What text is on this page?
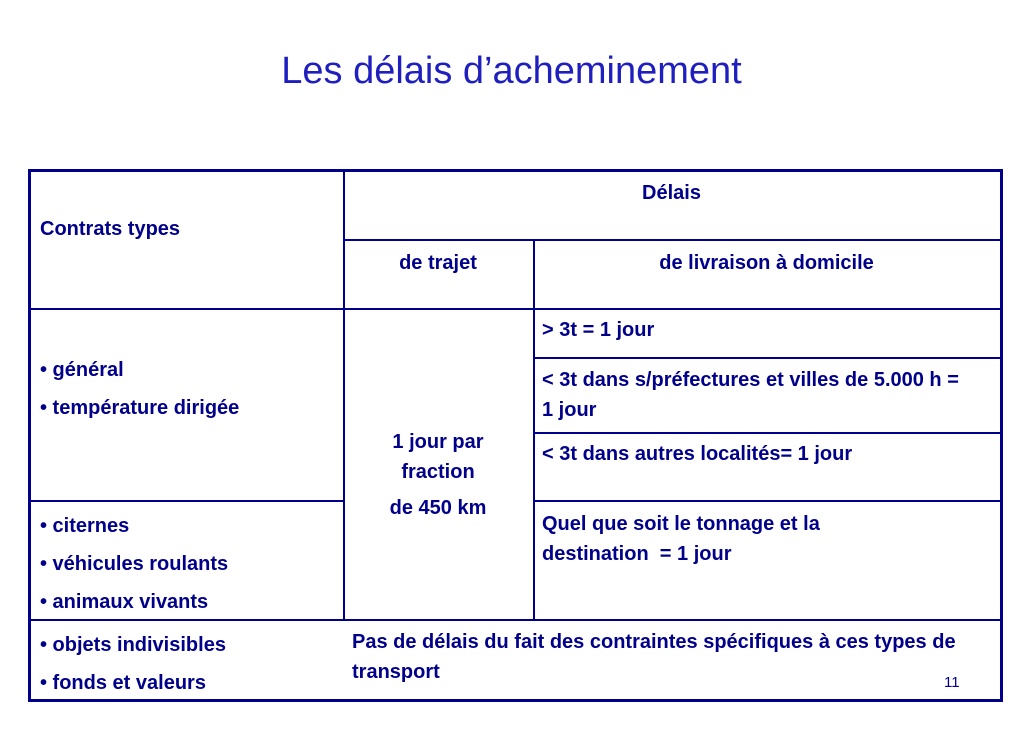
Les délais d’acheminement
Contrats types
Délais
de trajet	de livraison à domicile
• général
• température dirigée
1 jour par
fraction
de 450 km
> 3t = 1 jour
< 3t dans s/préfectures et villes de 5.000 h = 1 jour
< 3t dans autres localités= 1 jour
• citernes
• véhicules roulants
• animaux vivants
Quel que soit le tonnage et la destination  = 1 jour
• objets indivisibles
• fonds et valeurs
Pas de délais du fait des contraintes spécifiques à ces types de transport	11
